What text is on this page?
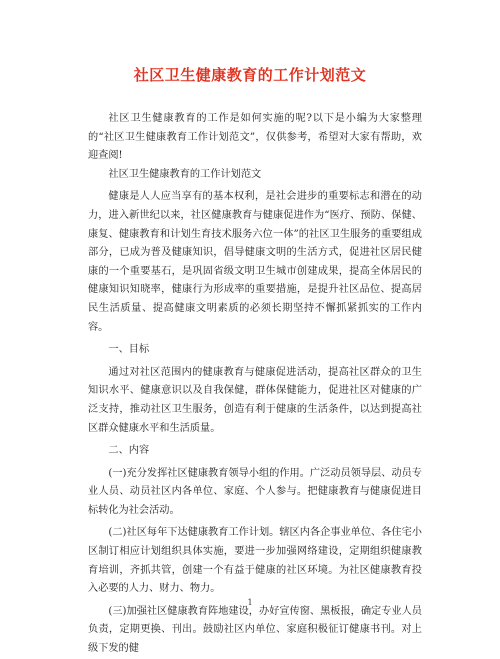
社区卫生健康教育的工作计划范文

社区卫生健康教育的工作是如何实施的呢?以下是小编为大家整理的“社区卫生健康教育工作计划范文”，仅供参考，希望对大家有帮助，欢迎查阅!

社区卫生健康教育的工作计划范文

健康是人人应当享有的基本权利，是社会进步的重要标志和潜在的动力，进入新世纪以来，社区健康教育与健康促进作为“医疗、预防、保健、康复、健康教育和计划生育技术服务六位一体”的社区卫生服务的重要组成部分，已成为普及健康知识，倡导健康文明的生活方式，促进社区居民健康的一个重要基石，是巩固省级文明卫生城市创建成果，提高全体居民的健康知识知晓率，健康行为形成率的重要措施，是提升社区品位、提高居民生活质量、提高健康文明素质的必须长期坚持不懈抓紧抓实的工作内容。

一、目标

通过对社区范围内的健康教育与健康促进活动，提高社区群众的卫生知识水平、健康意识以及自我保健，群体保健能力，促进社区对健康的广泛支持，推动社区卫生服务，创造有利于健康的生活条件，以达到提高社区群众健康水平和生活质量。

二、内容

(一)充分发挥社区健康教育领导小组的作用。广泛动员领导层、动员专业人员、动员社区内各单位、家庭、个人参与。把健康教育与健康促进目标转化为社会活动。

(二)社区每年下达健康教育工作计划。辖区内各企事业单位、各住宅小区制订相应计划组织具体实施，要进一步加强网络建设，定期组织健康教育培训，齐抓共管，创建一个有益于健康的社区环境。为社区健康教育投入必要的人力、财力、物力。

(三)加强社区健康教育阵地建设，办好宣传窗、黑板报，确定专业人员负责，定期更换、刊出。鼓励社区内单位、家庭积极征订健康书刊。对上级下发的健

1
